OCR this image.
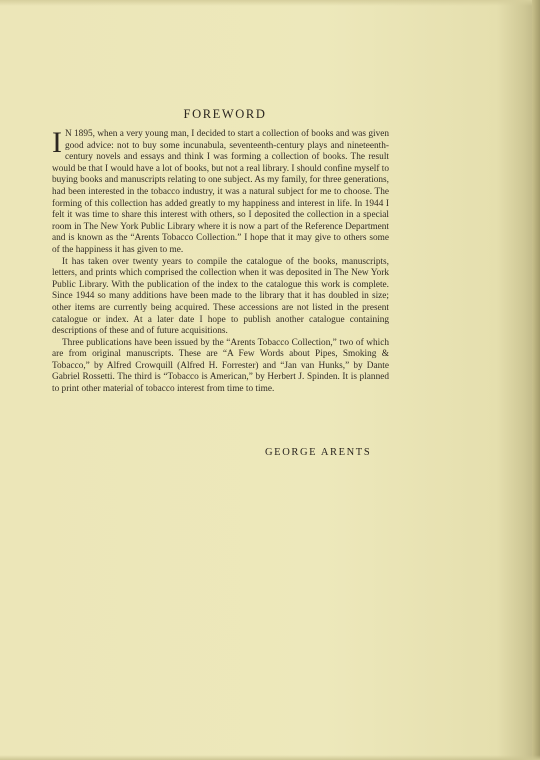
FOREWORD

I N 1895, when a very young man, I decided to start a collection of books and was given good advice: not to buy some incunabula, seventeenth-century plays and nineteenth-century novels and essays and think I was forming a collection of books. The result would be that I would have a lot of books, but not a real library. I should confine myself to buying books and manuscripts relating to one subject. As my family, for three generations, had been interested in the tobacco industry, it was a natural subject for me to choose. The forming of this collection has added greatly to my happiness and interest in life. In 1944 I felt it was time to share this interest with others, so I deposited the collection in a special room in The New York Public Library where it is now a part of the Reference Department and is known as the “Arents Tobacco Collection.” I hope that it may give to others some of the happiness it has given to me.

It has taken over twenty years to compile the catalogue of the books, manuscripts, letters, and prints which comprised the collection when it was deposited in The New York Public Library. With the publication of the index to the catalogue this work is complete. Since 1944 so many additions have been made to the library that it has doubled in size; other items are currently being acquired. These accessions are not listed in the present catalogue or index. At a later date I hope to publish another catalogue containing descriptions of these and of future acquisitions.

Three publications have been issued by the “Arents Tobacco Collection,” two of which are from original manuscripts. These are “A Few Words about Pipes, Smoking & Tobacco,” by Alfred Crowquill (Alfred H. Forrester) and “Jan van Hunks,” by Dante Gabriel Rossetti. The third is “Tobacco is American,” by Herbert J. Spinden. It is planned to print other material of tobacco interest from time to time.

GEORGE ARENTS
